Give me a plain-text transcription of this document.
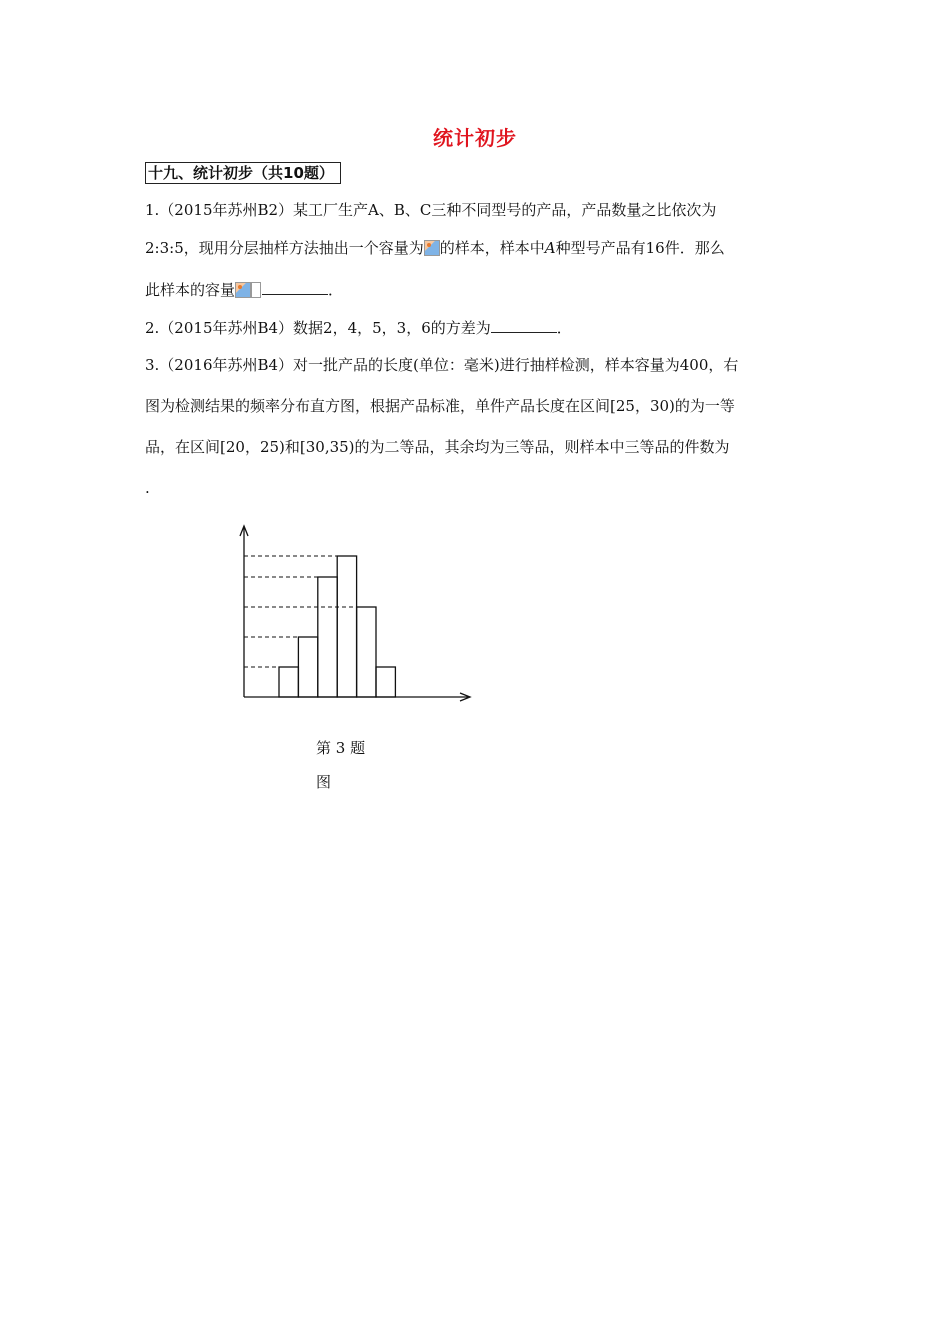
统计初步
十九、统计初步（共10题）
1.（2015年苏州B2）某工厂生产A、B、C三种不同型号的产品，产品数量之比依次为
2:3:5，现用分层抽样方法抽出一个容量为 的样本，样本中A种型号产品有16件．那么
此样本的容量	．
2.（2015年苏州B4）数据2，4，5，3，6的方差为	．
3.（2016年苏州B4）对一批产品的长度(单位：毫米)进行抽样检测，样本容量为400，右
图为检测结果的频率分布直方图，根据产品标准，单件产品长度在区间[25，30)的为一等
品，在区间[20，25)和[30,35)的为二等品，其余均为三等品，则样本中三等品的件数为
.
第 3 题
图
